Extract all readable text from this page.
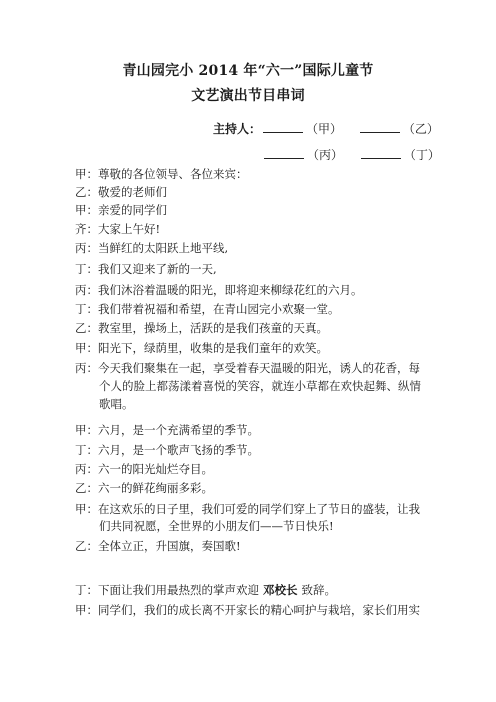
青山园完小 2014 年“六一”国际儿童节
文艺演出节目串词
主持人：	（甲）	（乙）
（丙）	（丁）
甲：尊敬的各位领导、各位来宾：
乙：敬爱的老师们
甲：亲爱的同学们
齐：大家上午好!
丙：当鲜红的太阳跃上地平线,
丁：我们又迎来了新的一天,
丙：我们沐浴着温暖的阳光，即将迎来柳绿花红的六月。
丁：我们带着祝福和希望，在青山园完小欢聚一堂。
乙：教室里，操场上，活跃的是我们孩童的天真。
甲：阳光下，绿荫里，收集的是我们童年的欢笑。
丙：今天我们聚集在一起，享受着春天温暖的阳光，诱人的花香，每
个人的脸上都荡漾着喜悦的笑容，就连小草都在欢快起舞、纵情
歌唱。
甲：六月，是一个充满希望的季节。
丁：六月，是一个歌声飞扬的季节。
丙：六一的阳光灿烂夺目。
乙：六一的鲜花绚丽多彩。
甲：在这欢乐的日子里，我们可爱的同学们穿上了节日的盛装，让我
们共同祝愿，全世界的小朋友们——节日快乐!
乙：全体立正，升国旗，奏国歌!
丁：下面让我们用最热烈的掌声欢迎 邓校长 致辞。
甲：同学们，我们的成长离不开家长的精心呵护与栽培，家长们用实
